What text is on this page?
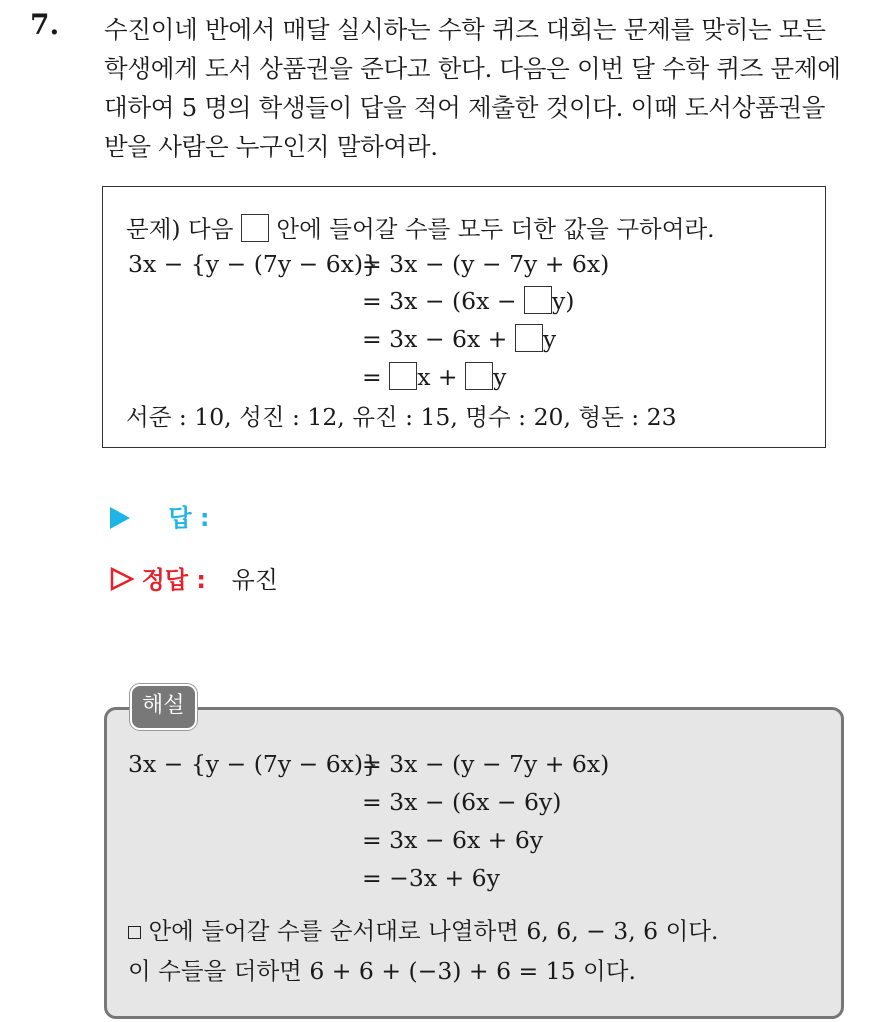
7. 수진이네 반에서 매달 실시하는 수학 퀴즈 대회는 문제를 맞히는 모든
학생에게 도서 상품권을 준다고 한다. 다음은 이번 달 수학 퀴즈 문제에
대하여 5 명의 학생들이 답을 적어 제출한 것이다. 이때 도서상품권을
받을 사람은 누구인지 말하여라.
문제) 다음 안에 들어갈 수를 모두 더한 값을 구하여라.
3x − {y − (7y − 6x)}
= 3x − (y − 7y + 6x)
= 3x − (6x − y)
= 3x − 6x + y
= x + y
서준 : 10, 성진 : 12, 유진 : 15, 명수 : 20, 형돈 : 23
답 :
정답 : 유진
해설
3x − {y − (7y − 6x)}
= 3x − (y − 7y + 6x)
= 3x − (6x − 6y)
= 3x − 6x + 6y
= −3x + 6y
안에 들어갈 수를 순서대로 나열하면 6, 6, − 3, 6 이다.
이 수들을 더하면 6 + 6 + (−3) + 6 = 15 이다.
